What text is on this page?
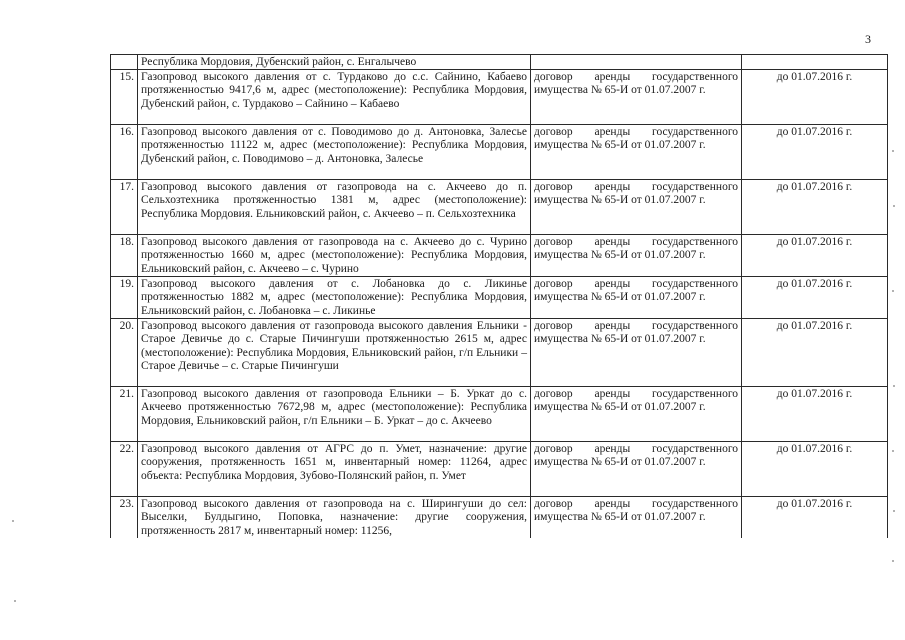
3
	Республика Мордовия, Дубенский район, с. Енгалычево		
15.	Газопровод высокого давления от с. Турдаково до с.с. Сайнино, Кабаево протяженностью 9417,6 м, адрес (местоположение): Республика Мордовия, Дубенский район, с. Турдаково – Сайнино – Кабаево	договор аренды государственного имущества № 65-И от 01.07.2007 г.	до 01.07.2016 г.
16.	Газопровод высокого давления от с. Поводимово до д. Антоновка, Залесье протяженностью 11122 м, адрес (местоположение): Республика Мордовия, Дубенский район, с. Поводимово – д. Антоновка, Залесье	договор аренды государственного имущества № 65-И от 01.07.2007 г.	до 01.07.2016 г.
17.	Газопровод высокого давления от газопровода на с. Акчеево до п. Сельхозтехника протяженностью 1381 м, адрес (местоположение): Республика Мордовия. Ельниковский район, с. Акчеево – п. Сельхозтехника	договор аренды государственного имущества № 65-И от 01.07.2007 г.	до 01.07.2016 г.
18.	Газопровод высокого давления от газопровода на с. Акчеево до с. Чурино протяженностью 1660 м, адрес (местоположение): Республика Мордовия, Ельниковский район, с. Акчеево – с. Чурино	договор аренды государственного имущества № 65-И от 01.07.2007 г.	до 01.07.2016 г.
19.	Газопровод высокого давления от с. Лобановка до с. Ликинье протяженностью 1882 м, адрес (местоположение): Республика Мордовия, Ельниковский район, с. Лобановка – с. Ликинье	договор аренды государственного имущества № 65-И от 01.07.2007 г.	до 01.07.2016 г.
20.	Газопровод высокого давления от газопровода высокого давления Ельники - Старое Девичье до с. Старые Пичингуши протяженностью 2615 м, адрес (местоположение): Республика Мордовия, Ельниковский район, г/п Ельники – Старое Девичье – с. Старые Пичингуши	договор аренды государственного имущества № 65-И от 01.07.2007 г.	до 01.07.2016 г.
21.	Газопровод высокого давления от газопровода Ельники – Б. Уркат до с. Акчеево протяженностью 7672,98 м, адрес (местоположение): Республика Мордовия, Ельниковский район, г/п Ельники – Б. Уркат – до с. Акчеево	договор аренды государственного имущества № 65-И от 01.07.2007 г.	до 01.07.2016 г.
22.	Газопровод высокого давления от АГРС до п. Умет, назначение: другие сооружения, протяженность 1651 м, инвентарный номер: 11264, адрес объекта: Республика Мордовия, Зубово-Полянский район, п. Умет	договор аренды государственного имущества № 65-И от 01.07.2007 г.	до 01.07.2016 г.
23.	Газопровод высокого давления от газопровода на с. Ширингуши до сел: Выселки, Булдыгино, Поповка, назначение: другие сооружения, протяженность 2817 м, инвентарный номер: 11256,	договор аренды государственного имущества № 65-И от 01.07.2007 г.	до 01.07.2016 г.
